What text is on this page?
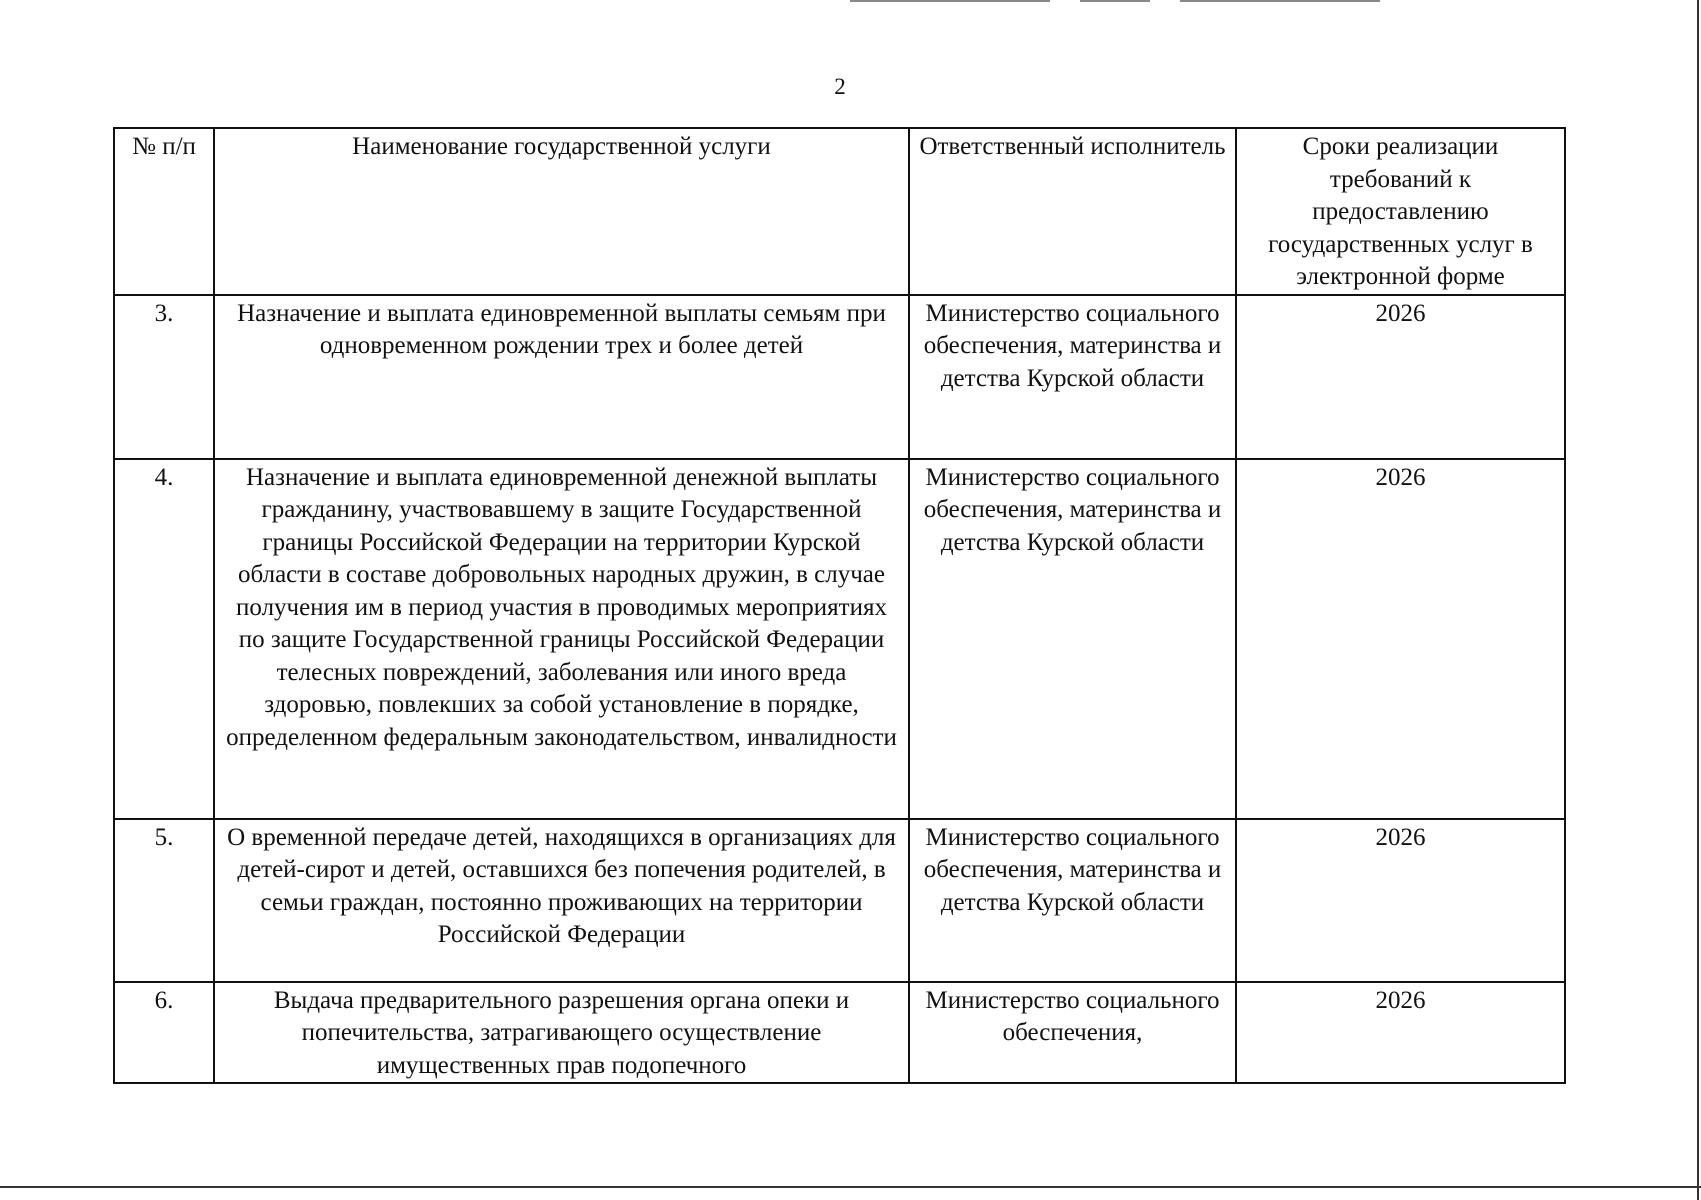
2
№ п/п	Наименование государственной услуги	Ответственный исполнитель	Сроки реализации требований к предоставлению государственных услуг в электронной форме
3.	Назначение и выплата единовременной выплаты семьям при одновременном рождении трех и более детей	Министерство социального обеспечения, материнства и детства Курской области	2026
4.	Назначение и выплата единовременной денежной выплаты гражданину, участвовавшему в защите Государственной границы Российской Федерации на территории Курской области в составе добровольных народных дружин, в случае получения им в период участия в проводимых мероприятиях по защите Государственной границы Российской Федерации телесных повреждений, заболевания или иного вреда здоровью, повлекших за собой установление в порядке, определенном федеральным законодательством, инвалидности	Министерство социального обеспечения, материнства и детства Курской области	2026
5.	О временной передаче детей, находящихся в организациях для детей-сирот и детей, оставшихся без попечения родителей, в семьи граждан, постоянно проживающих на территории Российской Федерации	Министерство социального обеспечения, материнства и детства Курской области	2026
6.	Выдача предварительного разрешения органа опеки и попечительства, затрагивающего осуществление имущественных прав подопечного	Министерство социального обеспечения,	2026
